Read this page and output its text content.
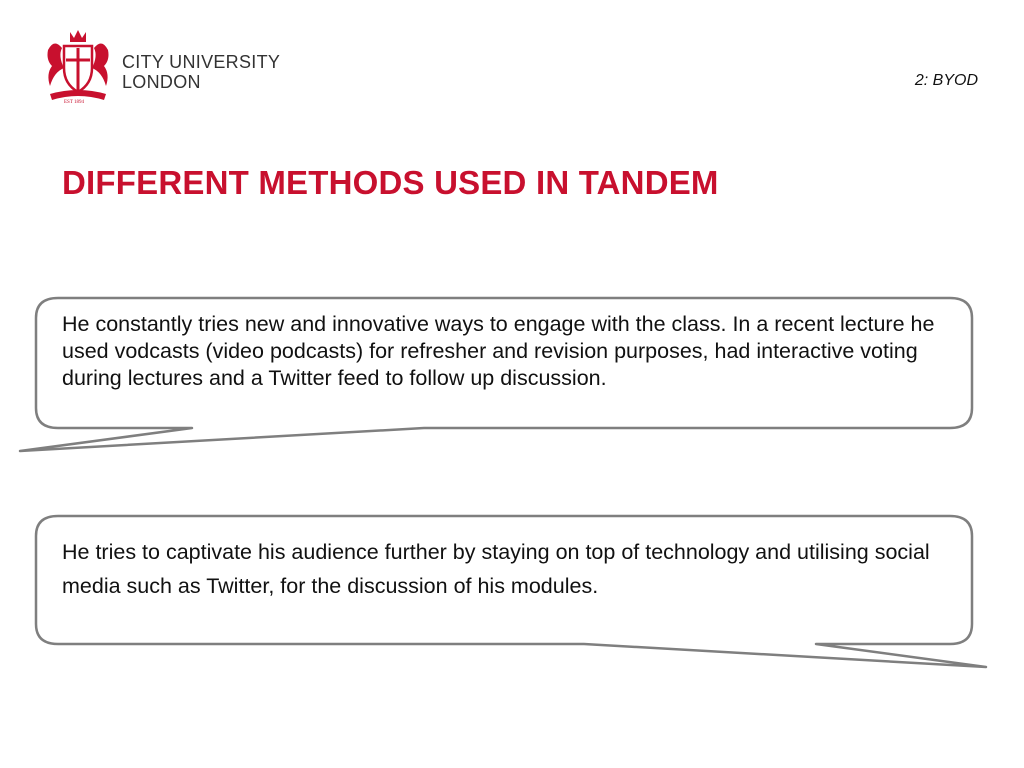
EST 1894
CITY UNIVERSITY
LONDON	2: BYOD
DIFFERENT METHODS USED IN TANDEM

He constantly tries new and innovative ways to engage with the class. In a recent lecture he used vodcasts (video podcasts) for refresher and revision purposes, had interactive voting during lectures and a Twitter feed to follow up discussion.

He tries to captivate his audience further by staying on top of technology and utilising social media such as Twitter, for the discussion of his modules.
